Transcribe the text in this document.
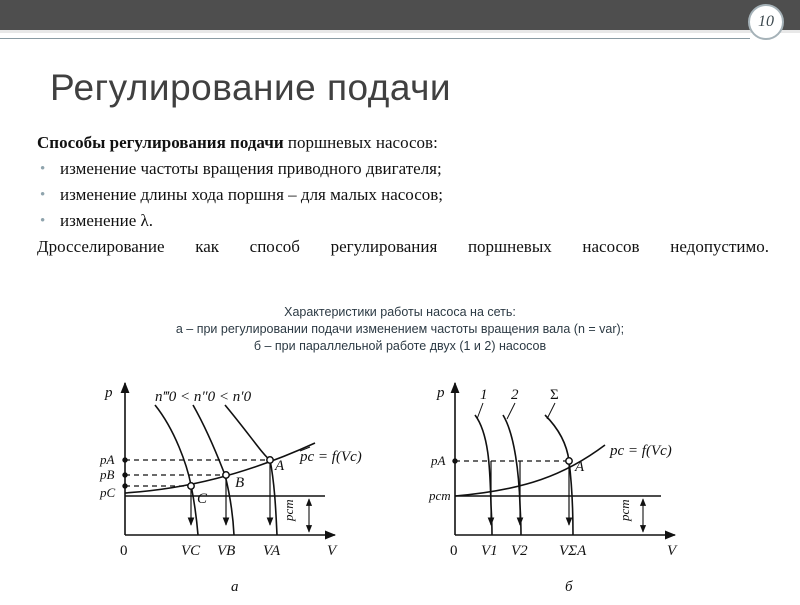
10
Регулирование подачи

Способы регулирования подачи поршневых насосов:

• изменение частоты вращения приводного двигателя;
• изменение длины хода поршня – для малых насосов;
• изменение λ.

Дросселирование как способ регулирования поршневых насосов недопустимо.

Характеристики работы насоса на сеть:
а – при регулировании подачи изменением частоты вращения вала (n = var);
б – при параллельной работе двух (1 и 2) насосов
p
V
0
n‴0 < n″0 < n′0
pс = f(Vс)
pA
pB
pC
pст
A
B
C
VC VB VA
а
p
V
0
1 2 Σ
pс = f(Vс)
pA
pст
pст
A
V1 V2 VΣA
б
